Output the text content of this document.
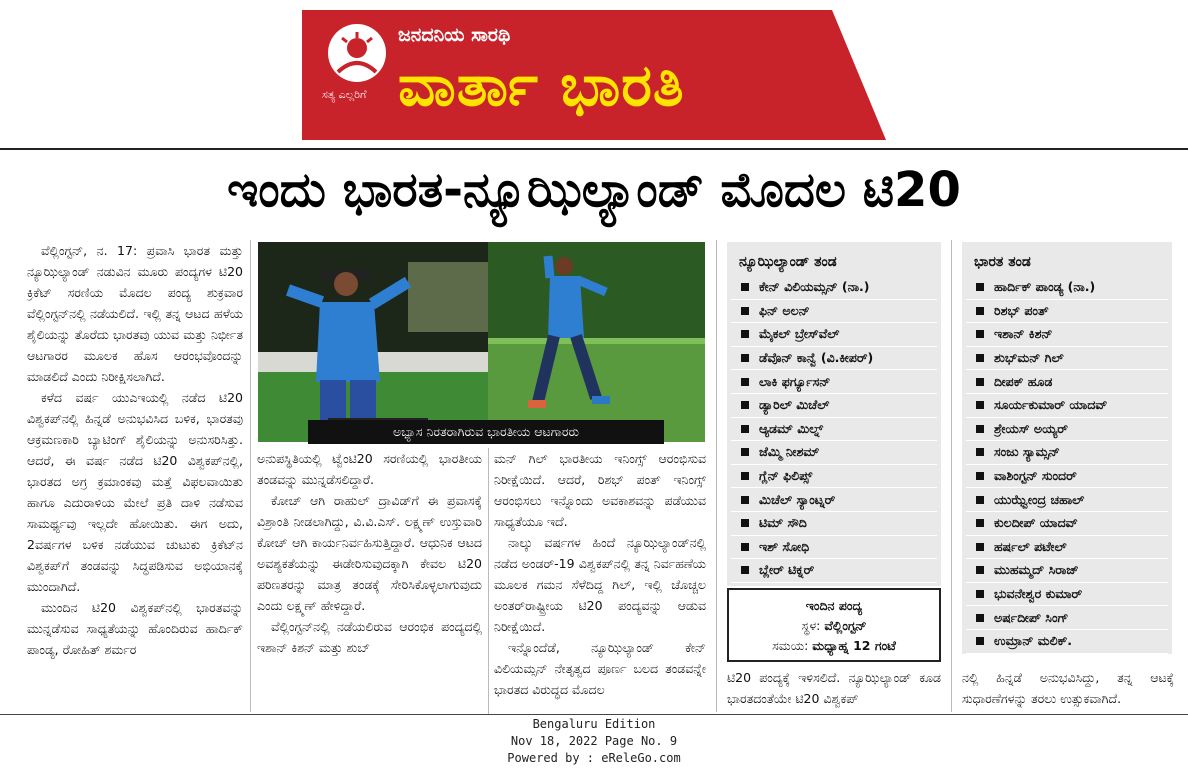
ಸತ್ಯ ಎಲ್ಲರಿಗೆ
ಜನದನಿಯ ಸಾರಥಿ
ವಾರ್ತಾ ಭಾರತಿ
ಇಂದು ಭಾರತ-ನ್ಯೂಝಿಲ್ಯಾಂಡ್ ಮೊದಲ ಟಿ20

ವೆಲ್ಲಿಂಗ್ಟನ್, ನ. 17: ಪ್ರವಾಸಿ ಭಾರತ ಮತ್ತು ನ್ಯೂಝಿಲ್ಯಾಂಡ್ ನಡುವಿನ ಮೂರು ಪಂದ್ಯಗಳ ಟಿ20 ಕ್ರಿಕೆಟ್ ಸರಣಿಯ ಮೊದಲ ಪಂದ್ಯ ಶುಕ್ರವಾರ ವೆಲ್ಲಿಂಗ್ಟನ್‌ನಲ್ಲಿ ನಡೆಯಲಿದೆ. ಇಲ್ಲಿ ತನ್ನ ಆಟದ ಹಳೆಯ ಶೈಲಿಯನ್ನು ತೊರೆದು ಭಾರತವು ಯುವ ಮತ್ತು ನಿರ್ಭೀತ ಆಟಗಾರರ ಮೂಲಕ ಹೊಸ ಆರಂಭವೊಂದನ್ನು ಮಾಡಲಿದೆ ಎಂದು ನಿರೀಕ್ಷಿಸಲಾಗಿದೆ.

ಕಳೆದ ವರ್ಷ ಯುಎಇಯಲ್ಲಿ ನಡೆದ ಟಿ20 ವಿಶ್ವಕಪ್‌ನಲ್ಲಿ ಹಿನ್ನಡೆ ಅನುಭವಿಸಿದ ಬಳಿಕ, ಭಾರತವು ಆಕ್ರಮಣಕಾರಿ ಬ್ಯಾಟಿಂಗ್ ಶೈಲಿಯನ್ನು ಅನುಸರಿಸಿತ್ತು. ಆದರೆ, ಈ ವರ್ಷ ನಡೆದ ಟಿ20 ವಿಶ್ವಕಪ್‌ನಲ್ಲಿ, ಭಾರತದ ಅಗ್ರ ಕ್ರಮಾಂಕವು ಮತ್ತೆ ವಿಫಲವಾಯಿತು ಹಾಗೂ ಎದುರಾಳಿಯ ಮೇಲೆ ಪ್ರತಿ ದಾಳಿ ನಡೆಸುವ ಸಾಮರ್ಥ್ಯವು ಇಲ್ಲದೇ ಹೋಯಿತು. ಈಗ ಅದು, 2ವರ್ಷಗಳ ಬಳಿಕ ನಡೆಯುವ ಚುಟುಕು ಕ್ರಿಕೆಟ್‌ನ ವಿಶ್ವಕಪ್‌ಗೆ ತಂಡವನ್ನು ಸಿದ್ಧಪಡಿಸುವ ಅಭಿಯಾನಕ್ಕೆ ಮುಂದಾಗಿದೆ.

ಮುಂದಿನ ಟಿ20 ವಿಶ್ವಕಪ್‌ನಲ್ಲಿ ಭಾರತವನ್ನು ಮುನ್ನಡೆಸುವ ಸಾಧ್ಯತೆಯನ್ನು ಹೊಂದಿರುವ ಹಾರ್ದಿಕ್ ಪಾಂಡ್ಯ, ರೋಹಿತ್ ಶರ್ಮರ

ಅಭ್ಯಾಸ ನಿರತರಾಗಿರುವ ಭಾರತೀಯ ಆಟಗಾರರು

ಅನುಪಸ್ಥಿತಿಯಲ್ಲಿ ಟ್ವೆಂಟಿ20 ಸರಣಿಯಲ್ಲಿ ಭಾರತೀಯ ತಂಡವನ್ನು ಮುನ್ನಡೆಸಲಿದ್ದಾರೆ.

ಕೋಚ್ ಆಗಿ ರಾಹುಲ್ ದ್ರಾವಿಡ್‌ಗೆ ಈ ಪ್ರವಾಸಕ್ಕೆ ವಿಶ್ರಾಂತಿ ನೀಡಲಾಗಿದ್ದು, ವಿ.ವಿ.ಎಸ್. ಲಕ್ಷ್ಮಣ್ ಉಸ್ತುವಾರಿ ಕೋಚ್ ಆಗಿ ಕಾರ್ಯನಿರ್ವಹಿಸುತ್ತಿದ್ದಾರೆ. ಆಧುನಿಕ ಆಟದ ಅವಶ್ಯಕತೆಯನ್ನು ಈಡೇರಿಸುವುದಕ್ಕಾಗಿ ಕೇವಲ ಟಿ20 ಪರಿಣತರನ್ನು ಮಾತ್ರ ತಂಡಕ್ಕೆ ಸೇರಿಸಿಕೊಳ್ಳಲಾಗುವುದು ಎಂದು ಲಕ್ಷ್ಮಣ್ ಹೇಳಿದ್ದಾರೆ.

ವೆಲ್ಲಿಂಗ್ಟನ್‌ನಲ್ಲಿ ನಡೆಯಲಿರುವ ಆರಂಭಿಕ ಪಂದ್ಯದಲ್ಲಿ ಇಶಾನ್ ಕಿಶನ್ ಮತ್ತು ಶುಬ್

ಮನ್ ಗಿಲ್ ಭಾರತೀಯ ಇನಿಂಗ್ಸ್ ಆರಂಭಿಸುವ ನಿರೀಕ್ಷೆಯಿದೆ. ಆದರೆ, ರಿಶಭ್ ಪಂತ್ ಇನಿಂಗ್ಸ್ ಆರಂಭಿಸಲು ಇನ್ನೊಂದು ಅವಕಾಶವನ್ನು ಪಡೆಯುವ ಸಾಧ್ಯತೆಯೂ ಇದೆ.

ನಾಲ್ಕು ವರ್ಷಗಳ ಹಿಂದೆ ನ್ಯೂಝಿಲ್ಯಾಂಡ್‌ನಲ್ಲಿ ನಡೆದ ಅಂಡರ್-19 ವಿಶ್ವಕಪ್‌ನಲ್ಲಿ ತನ್ನ ನಿರ್ವಹಣೆಯ ಮೂಲಕ ಗಮನ ಸೆಳೆದಿದ್ದ ಗಿಲ್, ಇಲ್ಲಿ ಚೊಚ್ಚಲ ಅಂತರ್‌ರಾಷ್ಟ್ರೀಯ ಟಿ20 ಪಂದ್ಯವನ್ನು ಆಡುವ ನಿರೀಕ್ಷೆಯಿದೆ.

ಇನ್ನೊಂದೆಡೆ, ನ್ಯೂಝಿಲ್ಯಾಂಡ್ ಕೇನ್ ವಿಲಿಯಮ್ಸನ್ ನೇತೃತ್ವದ ಪೂರ್ಣ ಬಲದ ತಂಡವನ್ನೇ ಭಾರತದ ವಿರುದ್ಧದ ಮೊದಲ

ನ್ಯೂಝಿಲ್ಯಾಂಡ್ ತಂಡ
ಕೇನ್ ವಿಲಿಯಮ್ಸನ್ (ನಾ.)
ಫಿನ್ ಅಲನ್
ಮೈಕಲ್ ಬ್ರೇಸ್‌ವೆಲ್
ಡೆವೊನ್ ಕಾನ್ವೆ (ವಿ.ಕೀಪರ್)
ಲಾಕಿ ಫರ್ಗ್ಯೂಸನ್
ಡ್ಯಾರಿಲ್ ಮಿಚೆಲ್
ಆ್ಯಡಮ್ ಮಿಲ್ನ್
ಜೆಮ್ಮಿ ನೀಶಮ್
ಗ್ಲೆನ್ ಫಿಲಿಪ್ಸ್
ಮಿಚೆಲ್ ಸ್ಯಾಂಟ್ನರ್
ಟಿಮ್ ಸೌದಿ
ಇಶ್ ಸೋಧಿ
ಬ್ಲೇರ್ ಟಿಕ್ನರ್
ಇಂದಿನ ಪಂದ್ಯ
ಸ್ಥಳ: ವೆಲ್ಲಿಂಗ್ಟನ್
ಸಮಯ: ಮಧ್ಯಾಹ್ನ 12 ಗಂಟೆ
ಟಿ20 ಪಂದ್ಯಕ್ಕೆ ಇಳಿಸಲಿದೆ. ನ್ಯೂಝಿಲ್ಯಾಂಡ್ ಕೂಡ ಭಾರತದಂತೆಯೇ ಟಿ20 ವಿಶ್ವಕಪ್
ಭಾರತ ತಂಡ
ಹಾರ್ದಿಕ್ ಪಾಂಡ್ಯ (ನಾ.)
ರಿಶಭ್ ಪಂತ್
ಇಶಾನ್ ಕಿಶನ್
ಶುಭ್‌ಮನ್ ಗಿಲ್
ದೀಪಕ್ ಹೂಡ
ಸೂರ್ಯಕುಮಾರ್ ಯಾದವ್
ಶ್ರೇಯಸ್ ಅಯ್ಯರ್
ಸಂಜು ಸ್ಯಾಮ್ಸನ್
ವಾಶಿಂಗ್ಟನ್ ಸುಂದರ್
ಯುಝ್ವೇಂದ್ರ ಚಹಾಲ್
ಕುಲದೀಪ್ ಯಾದವ್
ಹರ್ಷಲ್ ಪಟೇಲ್
ಮುಹಮ್ಮದ್ ಸಿರಾಜ್
ಭುವನೇಶ್ವರ ಕುಮಾರ್
ಅರ್ಷದೀಪ್ ಸಿಂಗ್
ಉಮ್ರಾನ್ ಮಲಿಕ್.
ನಲ್ಲಿ ಹಿನ್ನಡೆ ಅನುಭವಿಸಿದ್ದು, ತನ್ನ ಆಟಕ್ಕೆ ಸುಧಾರಣೆಗಳನ್ನು ತರಲು ಉತ್ಸುಕವಾಗಿದೆ.
Bengaluru Edition
Nov 18, 2022 Page No. 9
Powered by : eReleGo.com
